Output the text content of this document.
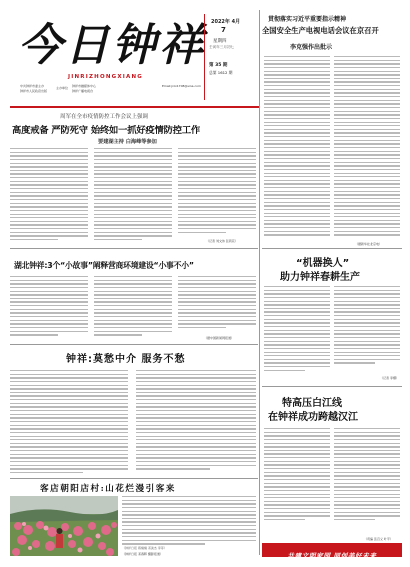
今日钟祥
JINRIZHONGXIANG
中共钟祥市委主办
钟祥市人民政府出版
主办单位 钟祥市融媒体中心
钟祥广播电视台
Email:jrzx1708@sina.com
2022年 4月
7
星期四
壬寅年三月初七
第 35 期
总第 1612 期
贯彻落实习近平重要指示精神
全国安全生产电视电话会议在京召开
李克强作出批示
（据新华社北京电）
周军在全市疫情防控工作会议上强调
高度戒备 严防死守 始终如一抓好疫情防控工作
要建湖主持 白海峰等参加
（记者 刘文伟 张莉花）
湖北钟祥:3个“小故事”阐释营商环境建设“小事不小”
（据中国新闻网报道）
钟祥:莫愁中介 服务不愁
客店朝阳店村:山花烂漫引客来
（钟祥日报 邓春晖 摄影报道）
（钟祥日报 蒋楠楠 邓美杰 李菲）
“机器换人”
助力钟祥春耕生产
（记者 李娜）
特高压白江线
在钟祥成功跨越汉江
（责编 张百义 叶平）
共建文明家园 同创美好未来
